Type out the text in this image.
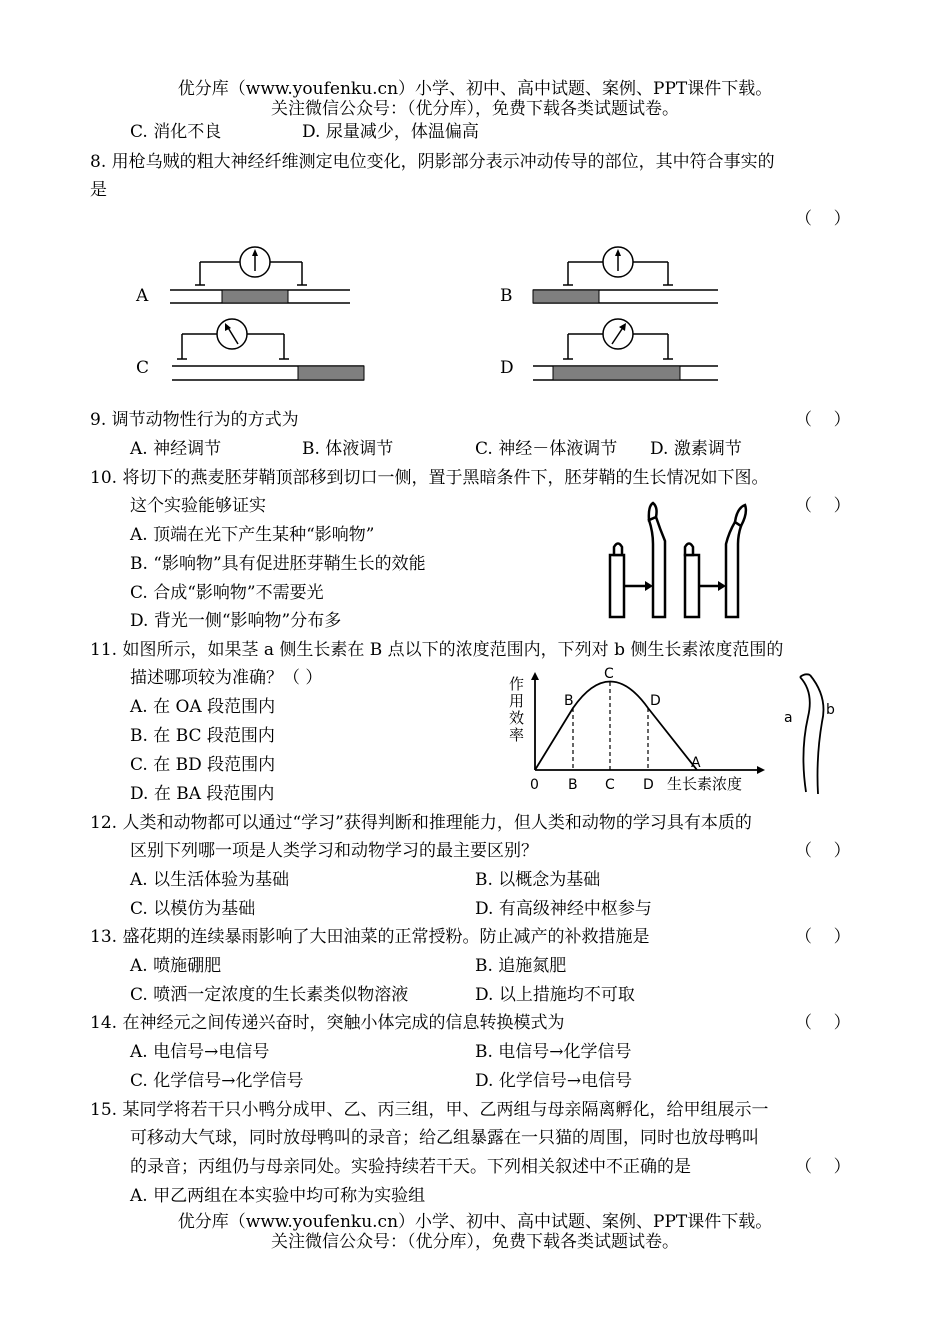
优分库（www.youfenku.cn）小学、初中、高中试题、案例、PPT课件下载。
关注微信公众号：（优分库），免费下载各类试题试卷。
C. 消化不良	D. 尿量减少，体温偏高
8. 用枪乌贼的粗大神经纤维测定电位变化，阴影部分表示冲动传导的部位，其中符合事实的
是
（    ）
A	B
C	D
9. 调节动物性行为的方式为	（    ）
A. 神经调节	B. 体液调节	C. 神经－体液调节 D. 激素调节
10. 将切下的燕麦胚芽鞘顶部移到切口一侧，置于黑暗条件下，胚芽鞘的生长情况如下图。
这个实验能够证实	（    ）
A. 顶端在光下产生某种“影响物”
B. “影响物”具有促进胚芽鞘生长的效能
C. 合成“影响物”不需要光
D. 背光一侧“影响物”分布多
11. 如图所示，如果茎 a 侧生长素在 B 点以下的浓度范围内，下列对 b 侧生长素浓度范围的
描述哪项较为准确？（ ）
A. 在 OA 段范围内
B. 在 BC 段范围内
C. 在 BD 段范围内
D. 在 BA 段范围内
作
用
效
率
B
C
D
A
0 B C D 生长素浓度
a b
12. 人类和动物都可以通过“学习”获得判断和推理能力，但人类和动物的学习具有本质的
区别下列哪一项是人类学习和动物学习的最主要区别？	（    ）
A. 以生活体验为基础	B. 以概念为基础
C. 以模仿为基础	D. 有高级神经中枢参与
13. 盛花期的连续暴雨影响了大田油菜的正常授粉。防止减产的补救措施是	（    ）
A. 喷施硼肥	B. 追施氮肥
C. 喷洒一定浓度的生长素类似物溶液	D. 以上措施均不可取
14. 在神经元之间传递兴奋时，突触小体完成的信息转换模式为	（    ）
A. 电信号→电信号	B. 电信号→化学信号
C. 化学信号→化学信号	D. 化学信号→电信号
15. 某同学将若干只小鸭分成甲、乙、丙三组，甲、乙两组与母亲隔离孵化，给甲组展示一
可移动大气球，同时放母鸭叫的录音；给乙组暴露在一只猫的周围，同时也放母鸭叫
的录音；丙组仍与母亲同处。实验持续若干天。下列相关叙述中不正确的是	（    ）
A. 甲乙两组在本实验中均可称为实验组
优分库（www.youfenku.cn）小学、初中、高中试题、案例、PPT课件下载。
关注微信公众号：（优分库），免费下载各类试题试卷。
